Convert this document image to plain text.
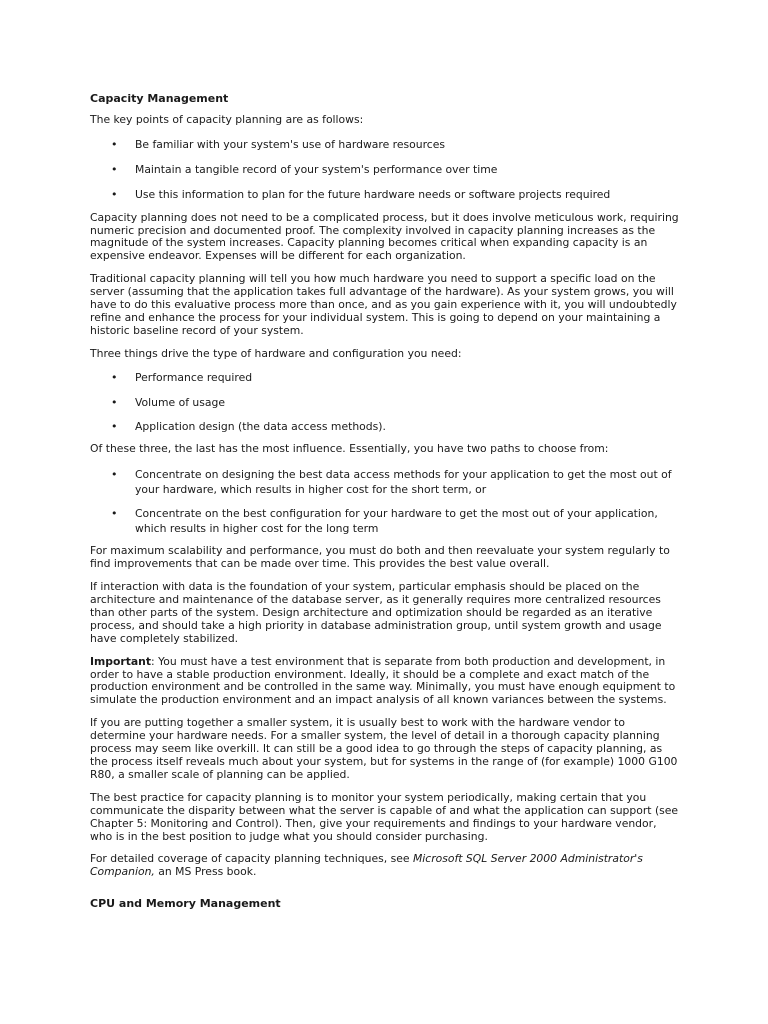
Capacity Management

The key points of capacity planning are as follows:

• Be familiar with your system's use of hardware resources
• Maintain a tangible record of your system's performance over time
• Use this information to plan for the future hardware needs or software projects required

Capacity planning does not need to be a complicated process, but it does involve meticulous work, requiring numeric precision and documented proof. The complexity involved in capacity planning increases as the magnitude of the system increases. Capacity planning becomes critical when expanding capacity is an expensive endeavor. Expenses will be different for each organization.

Traditional capacity planning will tell you how much hardware you need to support a specific load on the server (assuming that the application takes full advantage of the hardware). As your system grows, you will have to do this evaluative process more than once, and as you gain experience with it, you will undoubtedly refine and enhance the process for your individual system. This is going to depend on your maintaining a historic baseline record of your system.

Three things drive the type of hardware and configuration you need:

• Performance required
• Volume of usage
• Application design (the data access methods).

Of these three, the last has the most influence. Essentially, you have two paths to choose from:

• Concentrate on designing the best data access methods for your application to get the most out of your hardware, which results in higher cost for the short term, or
• Concentrate on the best configuration for your hardware to get the most out of your application, which results in higher cost for the long term

For maximum scalability and performance, you must do both and then reevaluate your system regularly to find improvements that can be made over time. This provides the best value overall.

If interaction with data is the foundation of your system, particular emphasis should be placed on the architecture and maintenance of the database server, as it generally requires more centralized resources than other parts of the system. Design architecture and optimization should be regarded as an iterative process, and should take a high priority in database administration group, until system growth and usage have completely stabilized.

Important: You must have a test environment that is separate from both production and development, in order to have a stable production environment. Ideally, it should be a complete and exact match of the production environment and be controlled in the same way. Minimally, you must have enough equipment to simulate the production environment and an impact analysis of all known variances between the systems.

If you are putting together a smaller system, it is usually best to work with the hardware vendor to determine your hardware needs. For a smaller system, the level of detail in a thorough capacity planning process may seem like overkill. It can still be a good idea to go through the steps of capacity planning, as the process itself reveals much about your system, but for systems in the range of (for example) 1000 G100 R80, a smaller scale of planning can be applied.

The best practice for capacity planning is to monitor your system periodically, making certain that you communicate the disparity between what the server is capable of and what the application can support (see Chapter 5: Monitoring and Control). Then, give your requirements and findings to your hardware vendor, who is in the best position to judge what you should consider purchasing.

For detailed coverage of capacity planning techniques, see Microsoft SQL Server 2000 Administrator's Companion, an MS Press book.

CPU and Memory Management
